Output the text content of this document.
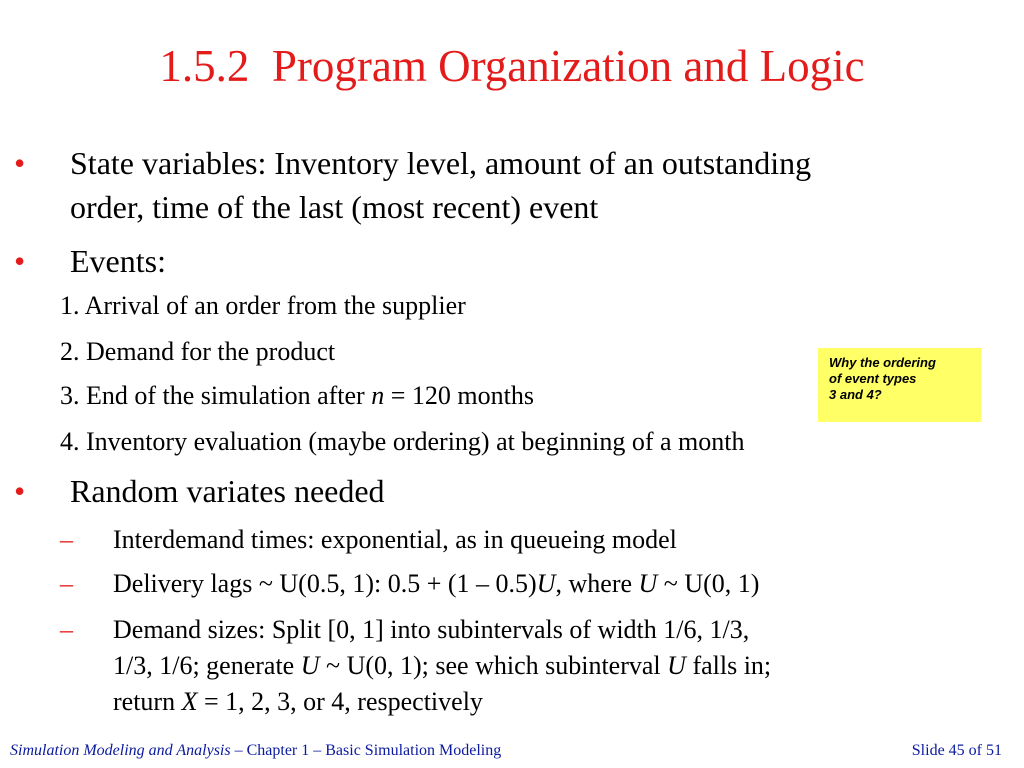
1.5.2  Program Organization and Logic
• State variables: Inventory level, amount of an outstanding
order, time of the last (most recent) event
• Events:
1. Arrival of an order from the supplier
2. Demand for the product
3. End of the simulation after n = 120 months
4. Inventory evaluation (maybe ordering) at beginning of a month
• Random variates needed
– Interdemand times: exponential, as in queueing model
– Delivery lags ~ U(0.5, 1): 0.5 + (1 – 0.5)U, where U ~ U(0, 1)
– Demand sizes: Split [0, 1] into subintervals of width 1/6, 1/3,
1/3, 1/6; generate U ~ U(0, 1); see which subinterval U falls in;
return X = 1, 2, 3, or 4, respectively
Why the ordering
of event types
3 and 4?
Simulation Modeling and Analysis – Chapter 1 – Basic Simulation Modeling	Slide 45 of 51
